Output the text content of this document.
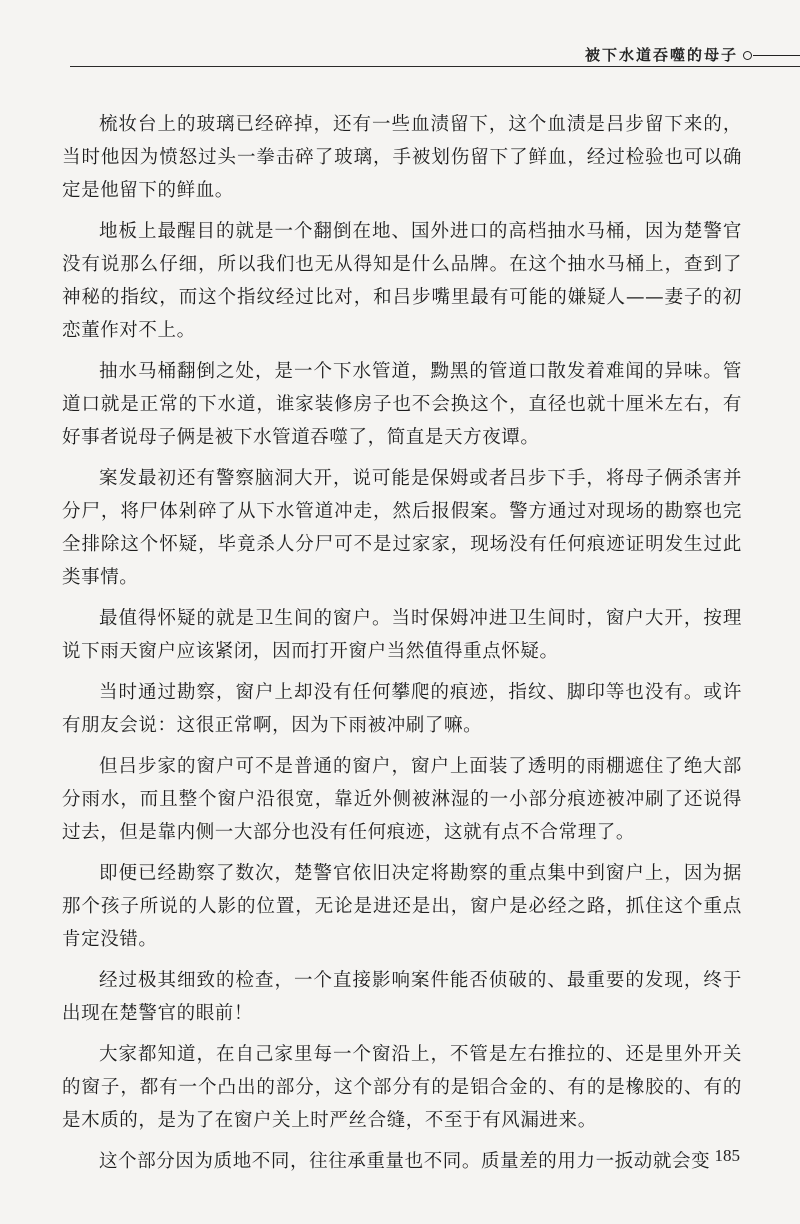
被下水道吞噬的母子

梳妆台上的玻璃已经碎掉，还有一些血渍留下，这个血渍是吕步留下来的，当时他因为愤怒过头一拳击碎了玻璃，手被划伤留下了鲜血，经过检验也可以确定是他留下的鲜血。

地板上最醒目的就是一个翻倒在地、国外进口的高档抽水马桶，因为楚警官没有说那么仔细，所以我们也无从得知是什么品牌。在这个抽水马桶上，查到了神秘的指纹，而这个指纹经过比对，和吕步嘴里最有可能的嫌疑人——妻子的初恋董作对不上。

抽水马桶翻倒之处，是一个下水管道，黝黑的管道口散发着难闻的异味。管道口就是正常的下水道，谁家装修房子也不会换这个，直径也就十厘米左右，有好事者说母子俩是被下水管道吞噬了，简直是天方夜谭。

案发最初还有警察脑洞大开，说可能是保姆或者吕步下手，将母子俩杀害并分尸，将尸体剁碎了从下水管道冲走，然后报假案。警方通过对现场的勘察也完全排除这个怀疑，毕竟杀人分尸可不是过家家，现场没有任何痕迹证明发生过此类事情。

最值得怀疑的就是卫生间的窗户。当时保姆冲进卫生间时，窗户大开，按理说下雨天窗户应该紧闭，因而打开窗户当然值得重点怀疑。

当时通过勘察，窗户上却没有任何攀爬的痕迹，指纹、脚印等也没有。或许有朋友会说：这很正常啊，因为下雨被冲刷了嘛。

但吕步家的窗户可不是普通的窗户，窗户上面装了透明的雨棚遮住了绝大部分雨水，而且整个窗户沿很宽，靠近外侧被淋湿的一小部分痕迹被冲刷了还说得过去，但是靠内侧一大部分也没有任何痕迹，这就有点不合常理了。

即便已经勘察了数次，楚警官依旧决定将勘察的重点集中到窗户上，因为据那个孩子所说的人影的位置，无论是进还是出，窗户是必经之路，抓住这个重点肯定没错。

经过极其细致的检查，一个直接影响案件能否侦破的、最重要的发现，终于出现在楚警官的眼前！

大家都知道，在自己家里每一个窗沿上，不管是左右推拉的、还是里外开关的窗子，都有一个凸出的部分，这个部分有的是铝合金的、有的是橡胶的、有的是木质的，是为了在窗户关上时严丝合缝，不至于有风漏进来。

这个部分因为质地不同，往往承重量也不同。质量差的用力一扳动就会变 185
